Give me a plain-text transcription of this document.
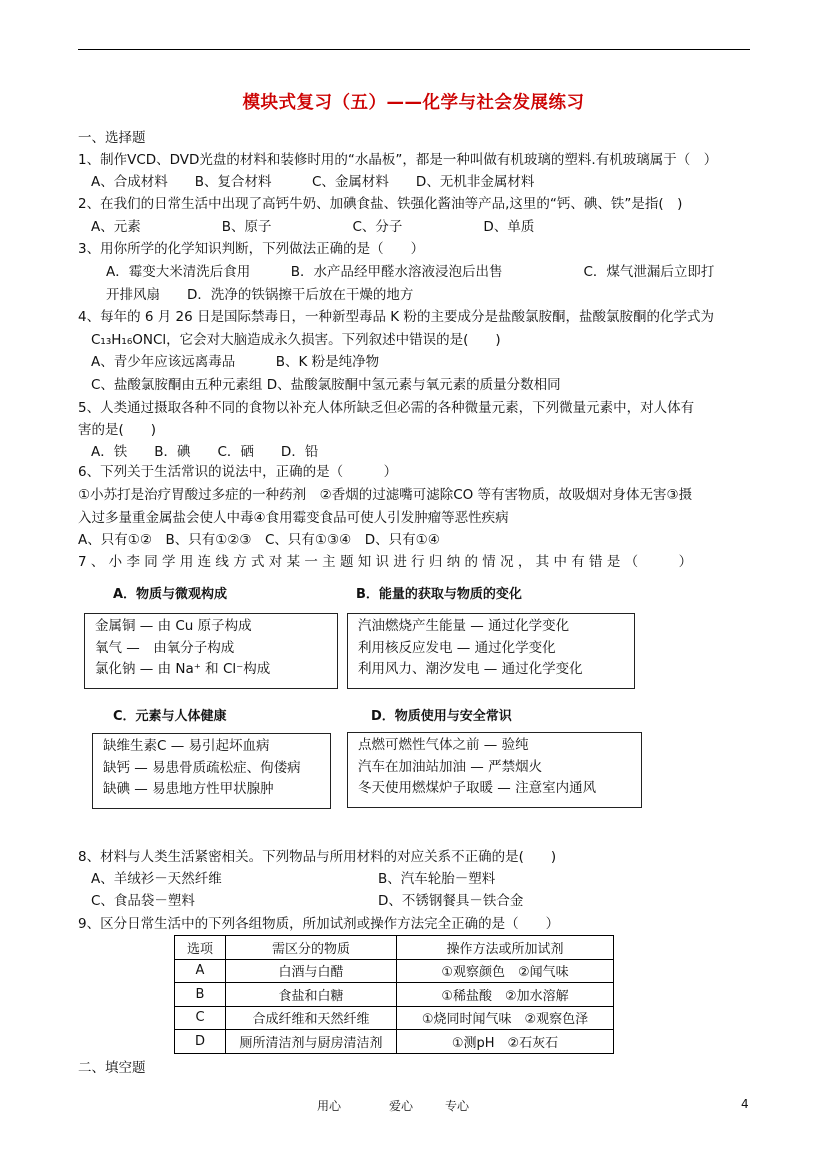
模块式复习（五）——化学与社会发展练习
一、选择题
1、制作VCD、DVD光盘的材料和装修时用的“水晶板”，都是一种叫做有机玻璃的塑料.有机玻璃属于（　）
A、合成材料　　B、复合材料　　　C、金属材料　　D、无机非金属材料
2、在我们的日常生活中出现了高钙牛奶、加碘食盐、铁强化酱油等产品,这里的“钙、碘、铁”是指(　)
A、元素　　　　　　B、原子　　　　　　C、分子　　　　　　D、单质
3、用你所学的化学知识判断，下列做法正确的是（　　）
A．霉变大米清洗后食用　　　B．水产品经甲醛水溶液浸泡后出售　　　　　　C．煤气泄漏后立即打
开排风扇　　D．洗净的铁锅擦干后放在干燥的地方
4、每年的 6 月 26 日是国际禁毒日，一种新型毒品 K 粉的主要成分是盐酸氯胺酮，盐酸氯胺酮的化学式为
C₁₃H₁₆ONCl，它会对大脑造成永久损害。下列叙述中错误的是(　　)
A、青少年应该远离毒品　　　B、K 粉是纯净物
C、盐酸氯胺酮由五种元素组 D、盐酸氯胺酮中氢元素与氧元素的质量分数相同
5、人类通过摄取各种不同的食物以补充人体所缺乏但必需的各种微量元素，下列微量元素中，对人体有
害的是(　　)
A．铁　　B．碘　　C．硒　　D．铅
6、下列关于生活常识的说法中，正确的是（　　　）
①小苏打是治疗胃酸过多症的一种药剂　②香烟的过滤嘴可滤除CO 等有害物质，故吸烟对身体无害③摄
入过多量重金属盐会使人中毒④食用霉变食品可使人引发肿瘤等恶性疾病
A、只有①②　B、只有①②③　C、只有①③④　D、只有①④
7 、 小 李 同 学 用 连 线 方 式 对 某 一 主 题 知 识 进 行 归 纳 的 情 况 ， 其 中 有 错 是 （　　　）
A．物质与微观构成	B．能量的获取与物质的变化
金属铜 — 由 Cu 原子构成
氧气 —　由氧分子构成
氯化钠 — 由 Na⁺ 和 Cl⁻构成
汽油燃烧产生能量 — 通过化学变化
利用核反应发电 — 通过化学变化
利用风力、潮汐发电 — 通过化学变化
C．元素与人体健康	D．物质使用与安全常识
缺维生素C — 易引起坏血病
缺钙 — 易患骨质疏松症、佝偻病
缺碘 — 易患地方性甲状腺肿
点燃可燃性气体之前 — 验纯
汽车在加油站加油 — 严禁烟火
冬天使用燃煤炉子取暖 — 注意室内通风
8、材料与人类生活紧密相关。下列物品与所用材料的对应关系不正确的是(　　)
A、羊绒衫－天然纤维	B、汽车轮胎－塑料
C、食品袋－塑料	D、不锈钢餐具－铁合金
9、区分日常生活中的下列各组物质，所加试剂或操作方法完全正确的是（　　）
选项	需区分的物质	操作方法或所加试剂
A	白酒与白醋	①观察颜色　②闻气味
B	食盐和白糖	①稀盐酸　②加水溶解
C	合成纤维和天然纤维	①烧同时闻气味　②观察色泽
D	厕所清洁剂与厨房清洁剂	①测pH　②石灰石
二、填空题
用心	爱心	专心	4
